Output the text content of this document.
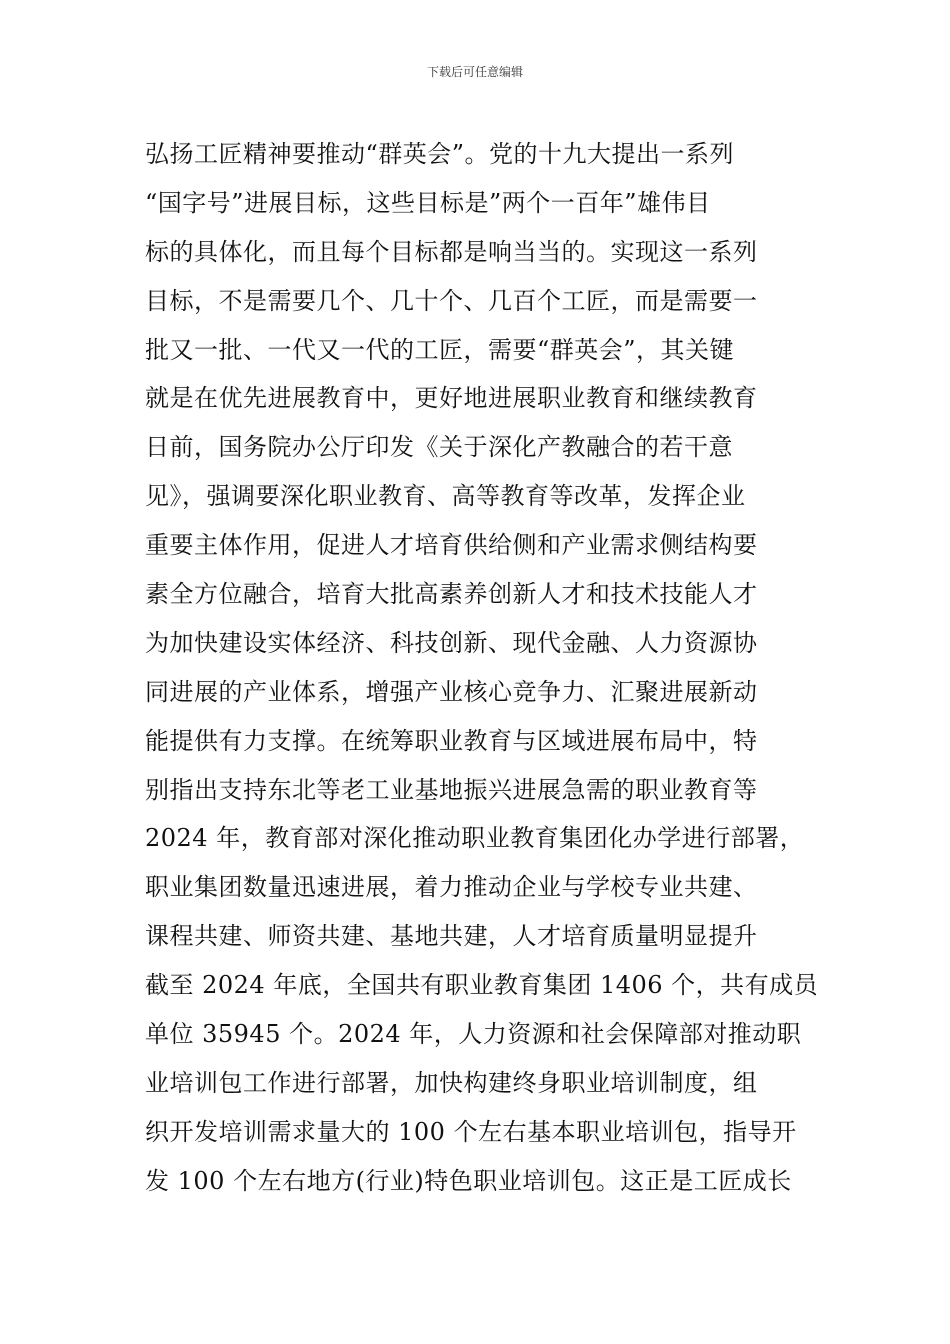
下载后可任意编辑
弘扬工匠精神要推动“群英会”。党的十九大提出一系列
“国字号”进展目标，这些目标是”两个一百年”雄伟目
标的具体化，而且每个目标都是响当当的。实现这一系列
目标，不是需要几个、几十个、几百个工匠，而是需要一
批又一批、一代又一代的工匠，需要“群英会”，其关键
就是在优先进展教育中，更好地进展职业教育和继续教育
日前，国务院办公厅印发《关于深化产教融合的若干意
见》，强调要深化职业教育、高等教育等改革，发挥企业
重要主体作用，促进人才培育供给侧和产业需求侧结构要
素全方位融合，培育大批高素养创新人才和技术技能人才
为加快建设实体经济、科技创新、现代金融、人力资源协
同进展的产业体系，增强产业核心竞争力、汇聚进展新动
能提供有力支撑。在统筹职业教育与区域进展布局中，特
别指出支持东北等老工业基地振兴进展急需的职业教育等
2024 年，教育部对深化推动职业教育集团化办学进行部署，
职业集团数量迅速进展，着力推动企业与学校专业共建、
课程共建、师资共建、基地共建，人才培育质量明显提升
截至 2024 年底，全国共有职业教育集团 1406 个，共有成员
单位 35945 个。2024 年，人力资源和社会保障部对推动职
业培训包工作进行部署，加快构建终身职业培训制度，组
织开发培训需求量大的 100 个左右基本职业培训包，指导开
发 100 个左右地方(行业)特色职业培训包。这正是工匠成长
